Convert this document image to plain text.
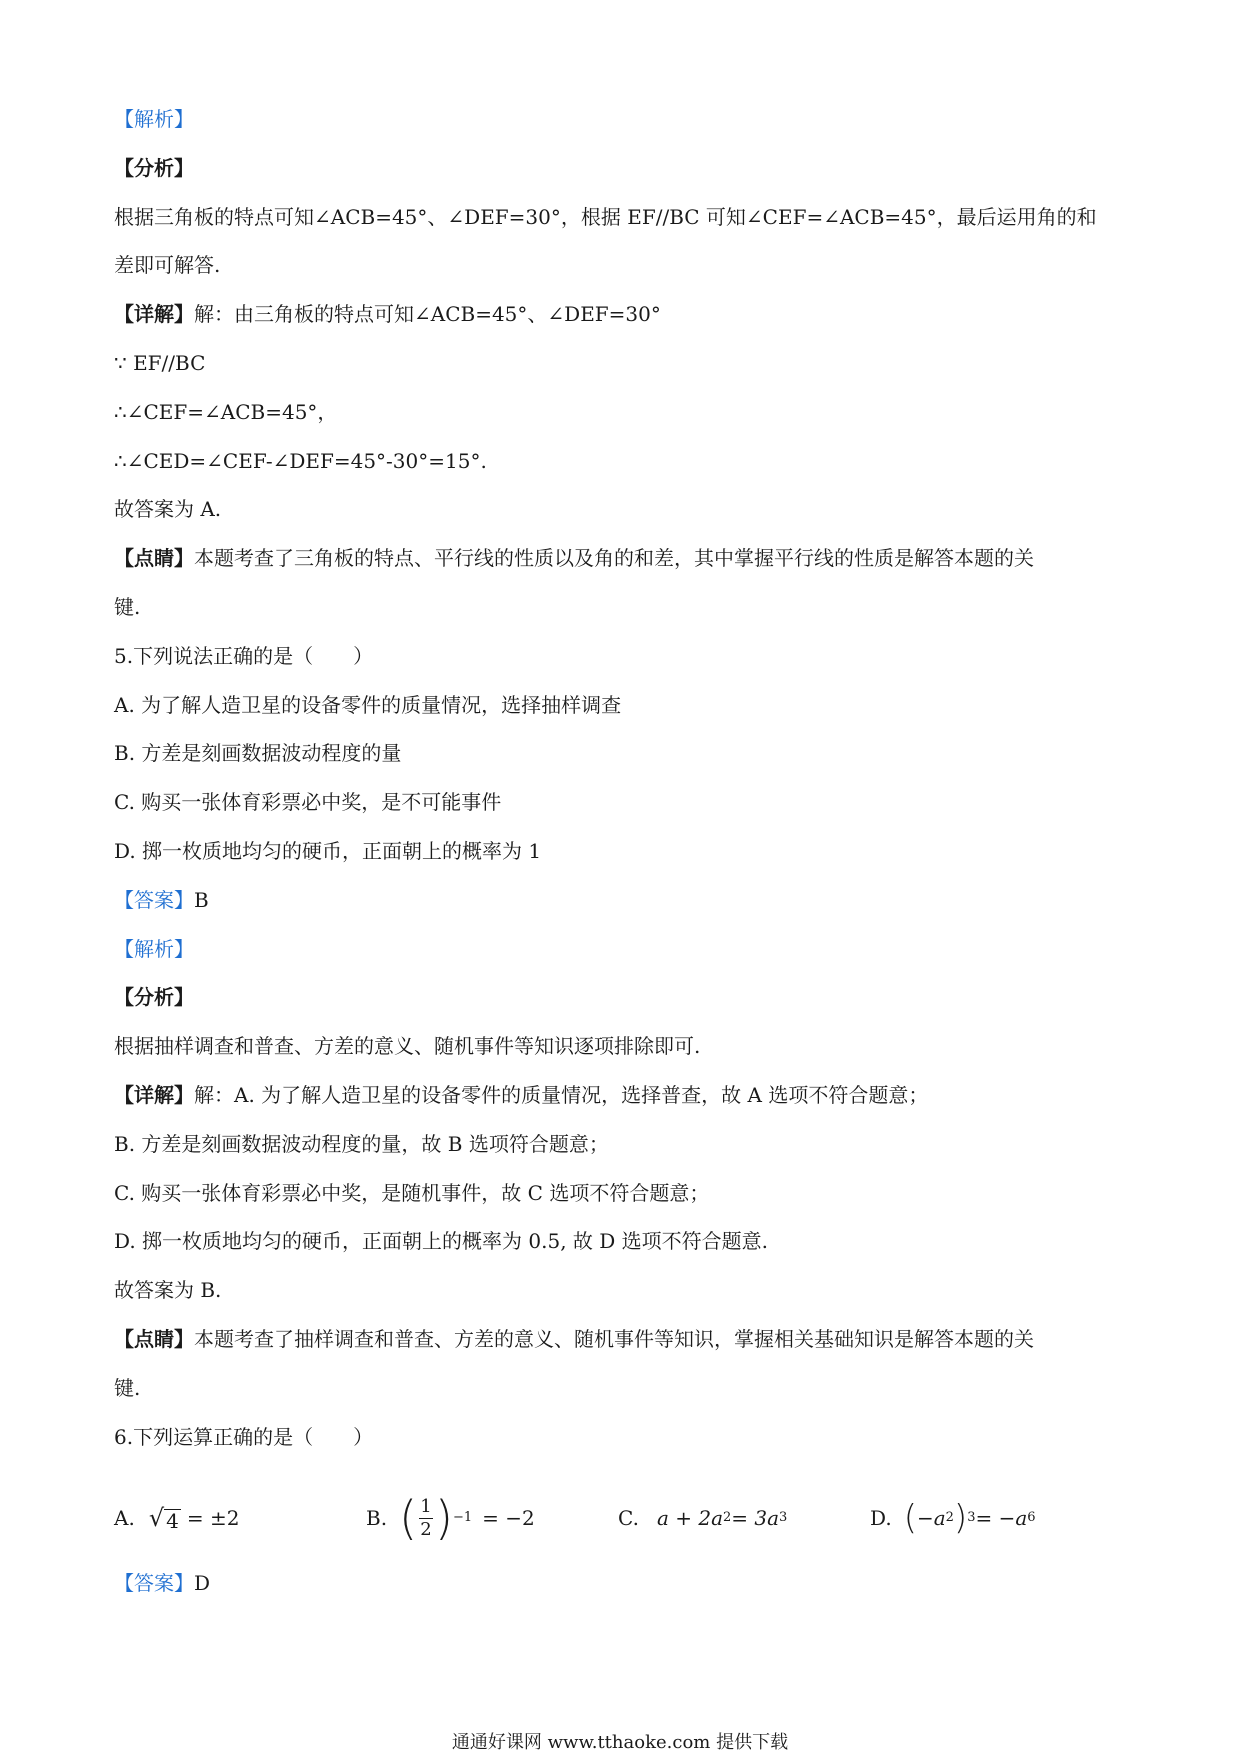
【解析】
【分析】
根据三角板的特点可知∠ACB=45°、∠DEF=30°，根据 EF//BC 可知∠CEF=∠ACB=45°，最后运用角的和
差即可解答.
【详解】解：由三角板的特点可知∠ACB=45°、∠DEF=30°
∵ EF//BC
∴∠CEF=∠ACB=45°，
∴∠CED=∠CEF-∠DEF=45°-30°=15°.
故答案为 A.
【点睛】本题考查了三角板的特点、平行线的性质以及角的和差，其中掌握平行线的性质是解答本题的关
键.
5.下列说法正确的是（　　）
A. 为了解人造卫星的设备零件的质量情况，选择抽样调查
B. 方差是刻画数据波动程度的量
C. 购买一张体育彩票必中奖，是不可能事件
D. 掷一枚质地均匀的硬币，正面朝上的概率为 1
【答案】B
【解析】
【分析】
根据抽样调查和普查、方差的意义、随机事件等知识逐项排除即可.
【详解】解：A. 为了解人造卫星的设备零件的质量情况，选择普查，故 A 选项不符合题意；
B. 方差是刻画数据波动程度的量，故 B 选项符合题意；
C. 购买一张体育彩票必中奖，是随机事件，故 C 选项不符合题意；
D. 掷一枚质地均匀的硬币，正面朝上的概率为 0.5, 故 D 选项不符合题意.
故答案为 B.
【点睛】本题考查了抽样调查和普查、方差的意义、随机事件等知识，掌握相关基础知识是解答本题的关
键.
6.下列运算正确的是（　　）
A. √ 4 = ±2	B. ( $\frac{1}{2}$ ) −1 = −2	C. a + 2a 2 = 3a 3	D. ( −a 2 ) 3 = −a 6
【答案】D
通通好课网 www.tthaoke.com 提供下载
